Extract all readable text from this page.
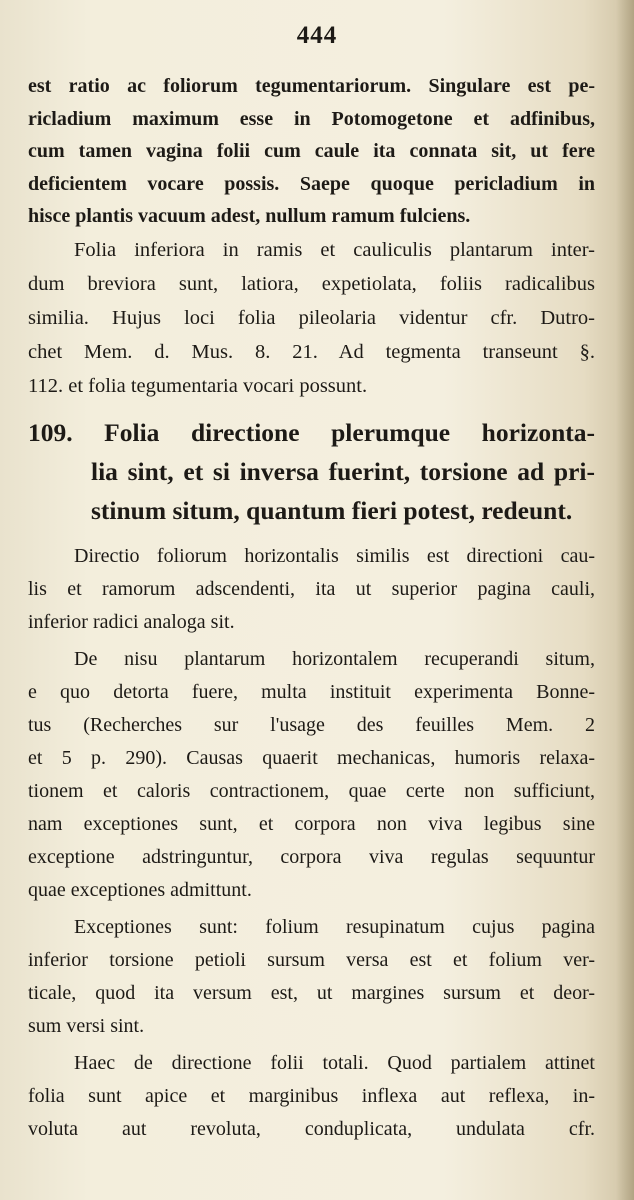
444
est ratio ac foliorum tegumentariorum. Singulare est pe-
ricladium maximum esse in Potomogetone et adfinibus,
cum tamen vagina folii cum caule ita connata sit, ut fere
deficientem vocare possis. Saepe quoque pericladium in
hisce plantis vacuum adest, nullum ramum fulciens.
Folia inferiora in ramis et cauliculis plantarum inter-
dum breviora sunt, latiora, expetiolata, foliis radicalibus
similia. Hujus loci folia pileolaria videntur cfr. Dutro-
chet Mem. d. Mus. 8. 21. Ad tegmenta transeunt §.
112. et folia tegumentaria vocari possunt.
109. Folia directione plerumque horizonta-
lia sint, et si inversa fuerint, torsione ad pri-
stinum situm, quantum fieri potest, redeunt.
Directio foliorum horizontalis similis est directioni cau-
lis et ramorum adscendenti, ita ut superior pagina cauli,
inferior radici analoga sit.
De nisu plantarum horizontalem recuperandi situm,
e quo detorta fuere, multa instituit experimenta Bonne-
tus (Recherches sur l'usage des feuilles Mem. 2
et 5 p. 290). Causas quaerit mechanicas, humoris relaxa-
tionem et caloris contractionem, quae certe non sufficiunt,
nam exceptiones sunt, et corpora non viva legibus sine
exceptione adstringuntur, corpora viva regulas sequuntur
quae exceptiones admittunt.
Exceptiones sunt: folium resupinatum cujus pagina
inferior torsione petioli sursum versa est et folium ver-
ticale, quod ita versum est, ut margines sursum et deor-
sum versi sint.
Haec de directione folii totali. Quod partialem attinet
folia sunt apice et marginibus inflexa aut reflexa, in-
voluta aut revoluta, conduplicata, undulata cfr.
